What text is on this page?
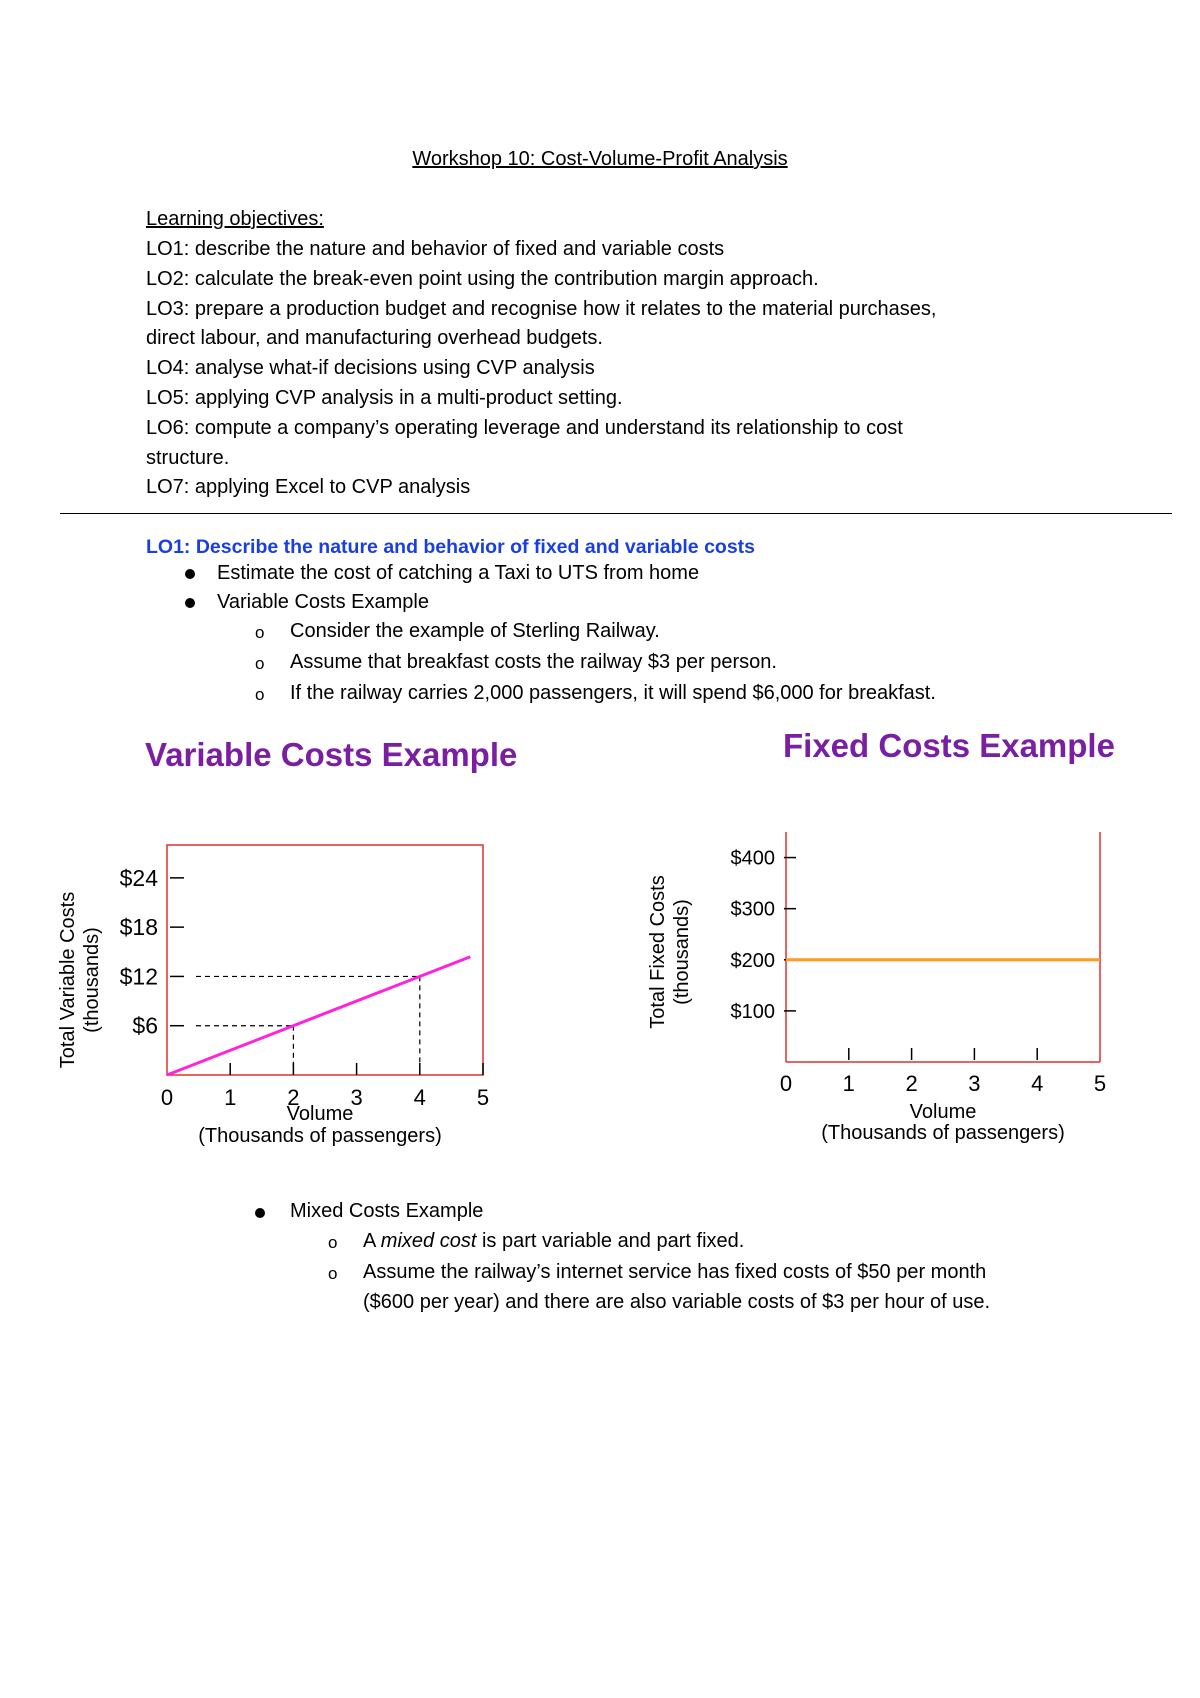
Workshop 10: Cost-Volume-Profit Analysis
Learning objectives:
LO1: describe the nature and behavior of fixed and variable costs
LO2: calculate the break-even point using the contribution margin approach.
LO3: prepare a production budget and recognise how it relates to the material purchases,
direct labour, and manufacturing overhead budgets.
LO4: analyse what-if decisions using CVP analysis
LO5: applying CVP analysis in a multi-product setting.
LO6: compute a company’s operating leverage and understand its relationship to cost
structure.
LO7: applying Excel to CVP analysis
LO1: Describe the nature and behavior of fixed and variable costs
Estimate the cost of catching a Taxi to UTS from home
Variable Costs Example
o Consider the example of Sterling Railway.
o Assume that breakfast costs the railway $3 per person.
o If the railway carries 2,000 passengers, it will spend $6,000 for breakfast.
Variable Costs Example	Fixed Costs Example
Total Variable Costs (thousands) $6
$12
$18
$24
0 1 2 3 4 5
Volume
(Thousands of passengers)
Total Fixed Costs (thousands)
$100
$200
$300
$400
0 1 2 3 4 5
Volume
(Thousands of passengers)
Mixed Costs Example
o A mixed cost is part variable and part fixed.
o Assume the railway’s internet service has fixed costs of $50 per month
($600 per year) and there are also variable costs of $3 per hour of use.
